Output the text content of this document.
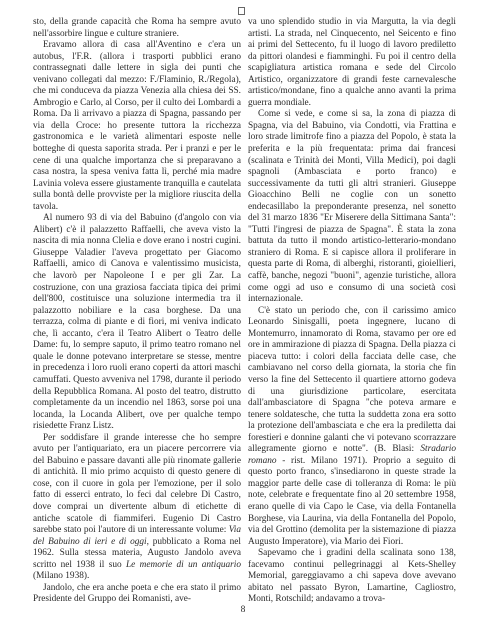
sto, della grande capacità che Roma ha sempre avuto nell'assorbire lingue e culture straniere.

Eravamo allora di casa all'Aventino e c'era un autobus, l'F.R. (allora i trasporti pubblici erano contrassegnati dalle lettere in sigla dei punti che venivano collegati dal mezzo: F./Flaminio, R./Regola), che mi conduceva da piazza Venezia alla chiesa dei SS. Ambrogio e Carlo, al Corso, per il culto dei Lombardi a Roma. Da lì arrivavo a piazza di Spagna, passando per via della Croce: ho presente tuttora la ricchezza gastronomica e le varietà alimentari esposte nelle botteghe di questa saporita strada. Per i pranzi e per le cene di una qualche importanza che si preparavano a casa nostra, la spesa veniva fatta lì, perché mia madre Lavinia voleva essere giustamente tranquilla e cautelata sulla bontà delle provviste per la migliore riuscita della tavola.

Al numero 93 di via del Babuino (d'angolo con via Alibert) c'è il palazzetto Raffaelli, che aveva visto la nascita di mia nonna Clelia e dove erano i nostri cugini. Giuseppe Valadier l'aveva progettato per Giacomo Raffaelli, amico di Canova e valentissimo musicista, che lavorò per Napoleone I e per gli Zar. La costruzione, con una graziosa facciata tipica dei primi dell'800, costituisce una soluzione intermedia tra il palazzotto nobiliare e la casa borghese. Da una terrazza, colma di piante e di fiori, mi veniva indicato che, lì accanto, c'era il Teatro Alibert o Teatro delle Dame: fu, lo sempre saputo, il primo teatro romano nel quale le donne potevano interpretare se stesse, mentre in precedenza i loro ruoli erano coperti da attori maschi camuffati. Questo avveniva nel 1798, durante il periodo della Repubblica Romana. Al posto del teatro, distrutto completamente da un incendio nel 1863, sorse poi una locanda, la Locanda Alibert, ove per qualche tempo risiedette Franz Listz.

Per soddisfare il grande interesse che ho sempre avuto per l'antiquariato, era un piacere percorrere via del Babuino e passare davanti alle più rinomate gallerie di antichità. Il mio primo acquisto di questo genere di cose, con il cuore in gola per l'emozione, per il solo fatto di esserci entrato, lo feci dal celebre Di Castro, dove comprai un divertente album di etichette di antiche scatole di fiammiferi. Eugenio Di Castro sarebbe stato poi l'autore di un interessante volume: Via del Babuino di ieri e di oggi, pubblicato a Roma nel 1962. Sulla stessa materia, Augusto Jandolo aveva scritto nel 1938 il suo Le memorie di un antiquario (Milano 1938).

Jandolo, che era anche poeta e che era stato il primo Presidente del Gruppo dei Romanisti, ave-

va uno splendido studio in via Margutta, la via degli artisti. La strada, nel Cinquecento, nel Seicento e fino ai primi del Settecento, fu il luogo di lavoro prediletto da pittori olandesi e fiamminghi. Fu poi il centro della scapigliatura artistica romana e sede del Circolo Artistico, organizzatore di grandi feste carnevalesche artistico/mondane, fino a qualche anno avanti la prima guerra mondiale.

Come si vede, e come si sa, la zona di piazza di Spagna, via del Babuino, via Condotti, via Frattina e loro strade limitrofe fino a piazza del Popolo, è stata la preferita e la più frequentata: prima dai francesi (scalinata e Trinità dei Monti, Villa Medici), poi dagli spagnoli (Ambasciata e porto franco) e successivamente da tutti gli altri stranieri. Giuseppe Gioacchino Belli ne coglie con un sonetto endecasillabo la preponderante presenza, nel sonetto del 31 marzo 1836 "Er Miserere della Sittimana Santa": "Tutti l'ingresi de piazza de Spagna". È stata la zona battuta da tutto il mondo artistico-letterario-mondano straniero di Roma. E si capisce allora il proliferare in questa parte di Roma, di alberghi, ristoranti, gioiellieri, caffè, banche, negozi "buoni", agenzie turistiche, allora come oggi ad uso e consumo di una società così internazionale.

C'è stato un periodo che, con il carissimo amico Leonardo Sinisgalli, poeta ingegnere, lucano di Montemurro, innamorato di Roma, stavamo per ore ed ore in ammirazione di piazza di Spagna. Della piazza ci piaceva tutto: i colori della facciata delle case, che cambiavano nel corso della giornata, la storia che fin verso la fine del Settecento il quartiere attorno godeva di una giurisdizione particolare, esercitata dall'ambasciatore di Spagna "che poteva armare e tenere soldatesche, che tutta la suddetta zona era sotto la protezione dell'ambasciata e che era la prediletta dai forestieri e donnine galanti che vi potevano scorrazzare allegramente giorno e notte". (B. Blasi: Stradario romano - rist. Milano 1971). Proprio a seguito di questo porto franco, s'insediarono in queste strade la maggior parte delle case di tolleranza di Roma: le più note, celebrate e frequentate fino al 20 settembre 1958, erano quelle di via Capo le Case, via della Fontanella Borghese, via Laurina, via della Fontanella del Popolo, via del Grottino (demolita per la sistemazione di piazza Augusto Imperatore), via Mario dei Fiori.

Sapevamo che i gradini della scalinata sono 138, facevamo continui pellegrinaggi al Kets-Shelley Memorial, gareggiavamo a chi sapeva dove avevano abitato nel passato Byron, Lamartine, Cagliostro, Monti, Rotschild; andavamo a trova-

8
